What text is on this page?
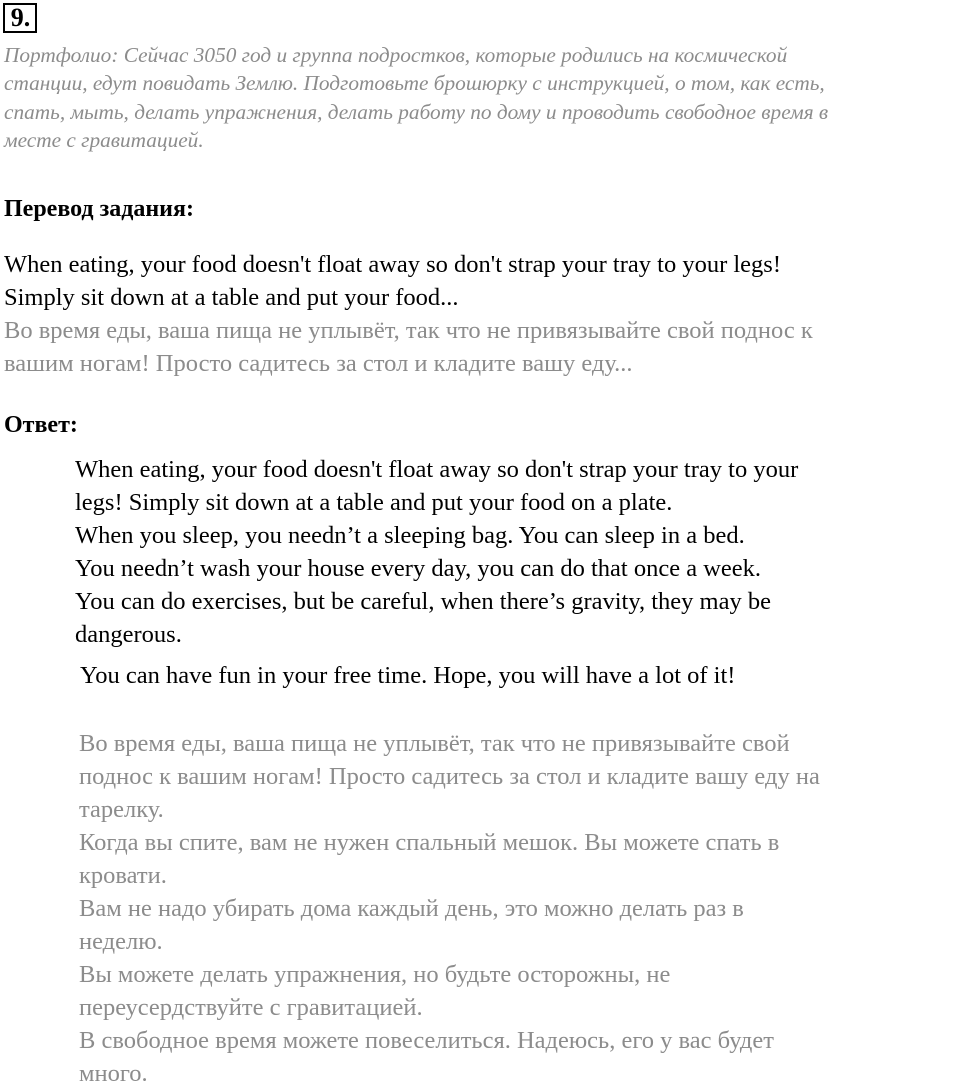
9.
Портфолио: Сейчас 3050 год и группа подростков, которые родились на космической
станции, едут повидать Землю. Подготовьте брошюрку с инструкцией, о том, как есть,
спать, мыть, делать упражнения, делать работу по дому и проводить свободное время в
месте с гравитацией.
Перевод задания:
When eating, your food doesn't float away so don't strap your tray to your legs!
Simply sit down at a table and put your food...
Во время еды, ваша пища не уплывёт, так что не привязывайте свой поднос к
вашим ногам! Просто садитесь за стол и кладите вашу еду...
Ответ:
When eating, your food doesn't float away so don't strap your tray to your
legs! Simply sit down at a table and put your food on a plate.
When you sleep, you needn’t a sleeping bag. You can sleep in a bed.
You needn’t wash your house every day, you can do that once a week.
You can do exercises, but be careful, when there’s gravity, they may be
dangerous.
You can have fun in your free time. Hope, you will have a lot of it!
Во время еды, ваша пища не уплывёт, так что не привязывайте свой
поднос к вашим ногам! Просто садитесь за стол и кладите вашу еду на
тарелку.
Когда вы спите, вам не нужен спальный мешок. Вы можете спать в
кровати.
Вам не надо убирать дома каждый день, это можно делать раз в
неделю.
Вы можете делать упражнения, но будьте осторожны, не
переусердствуйте с гравитацией.
В свободное время можете повеселиться. Надеюсь, его у вас будет
много.
